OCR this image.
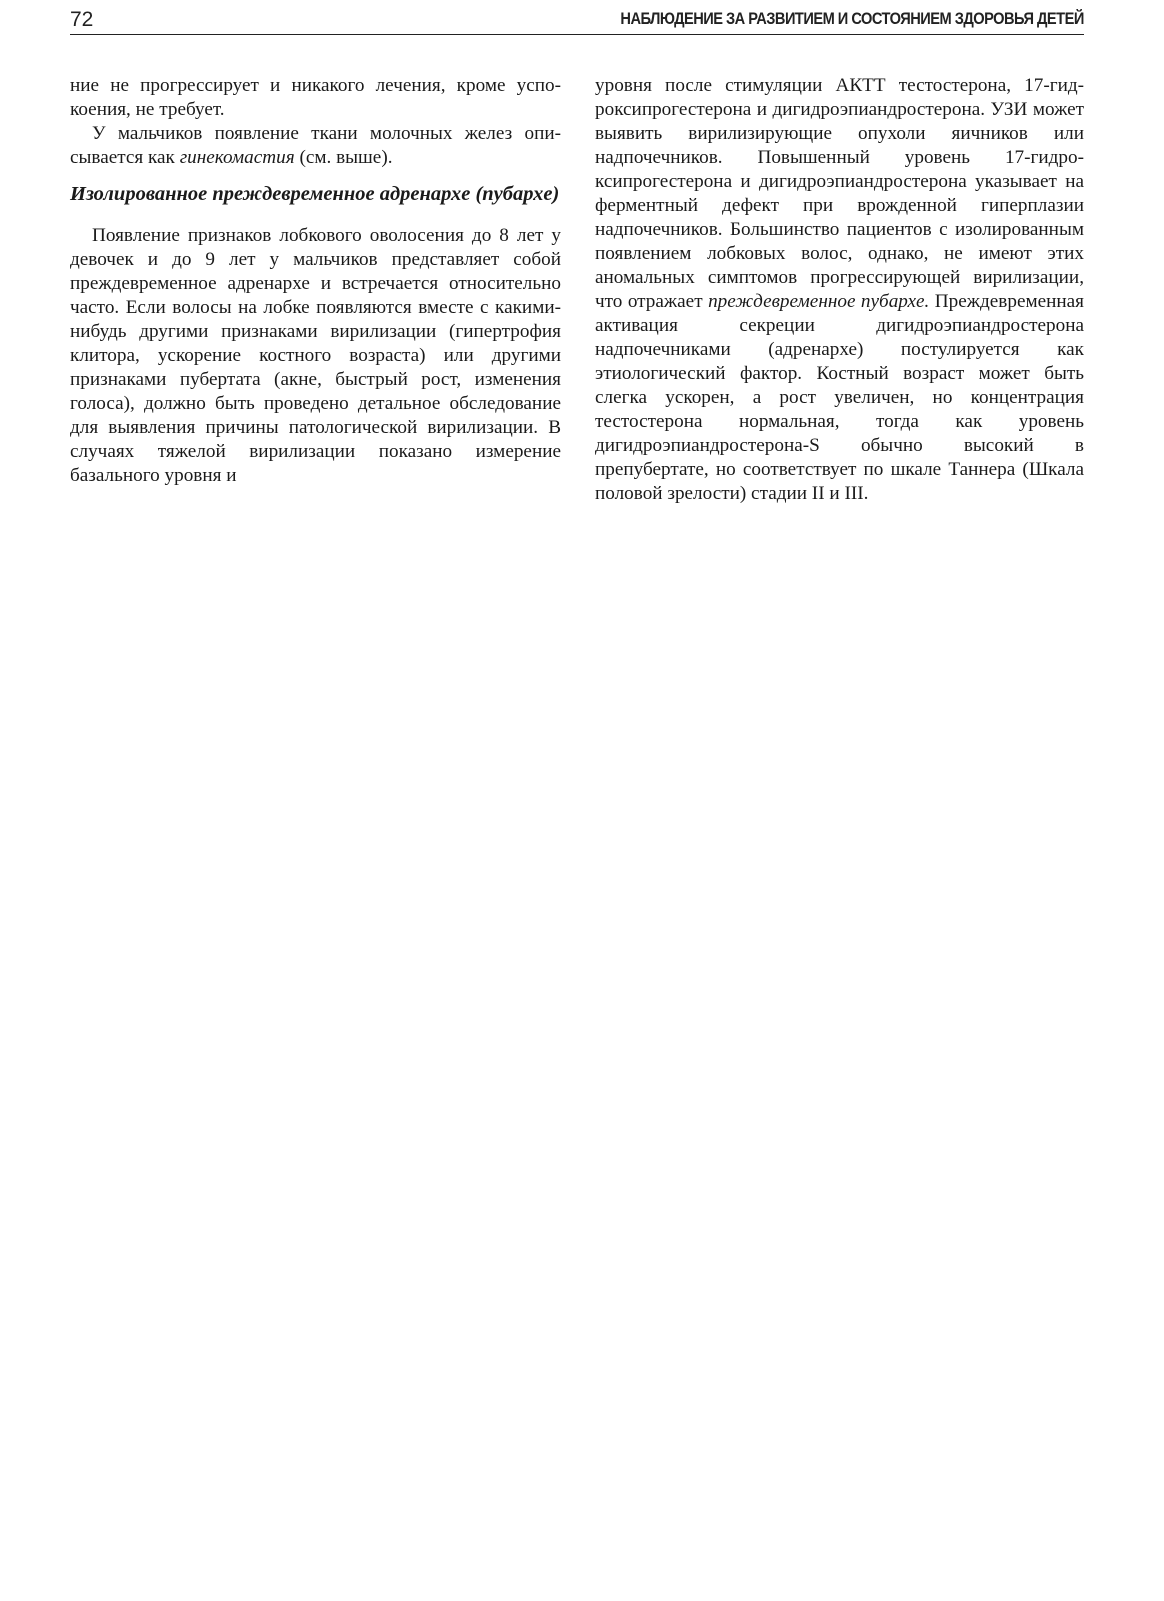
72	НАБЛЮДЕНИЕ ЗА РАЗВИТИЕМ И СОСТОЯНИЕМ ЗДОРОВЬЯ ДЕТЕЙ

ние не прогрессирует и никакого лечения, кроме успокоения, не требует.

У мальчиков появление ткани молочных желез описывается как гинекомастия (см. выше).

Изолированное преждевременное адренархе (пубархе)

Появление признаков лобкового оволосения до 8 лет у девочек и до 9 лет у мальчиков представляет собой преждевременное адренархе и встречается относительно часто. Если волосы на лобке появляются вместе с какими-нибудь другими признаками вирилизации (гипертрофия клитора, ускорение костного возраста) или другими признаками пубертата (акне, быстрый рост, изменения голоса), должно быть проведено детальное обследование для выявления причины патологической вирилизации. В случаях тяжелой вирилизации показано измерение базального уровня и

уровня после стимуляции АКТТ тестостерона, 17-гидроксипрогестерона и дигидроэпиандростерона. УЗИ может выявить вирилизирующие опухоли яичников или надпочечников. Повышенный уровень 17-гидроксипрогестерона и дигидроэпиандростерона указывает на ферментный дефект при врожденной гиперплазии надпочечников. Большинство пациентов с изолированным появлением лобковых волос, однако, не имеют этих аномальных симптомов прогрессирующей вирилизации, что отражает преждевременное пубархе. Преждевременная активация секреции дигидроэпиандростерона надпочечниками (адренархе) постулируется как этиологический фактор. Костный возраст может быть слегка ускорен, а рост увеличен, но концентрация тестостерона нормальная, тогда как уровень дигидроэпиандростерона-S обычно высокий в препубертате, но соответствует по шкале Таннера (Шкала половой зрелости) стадии II и III.
